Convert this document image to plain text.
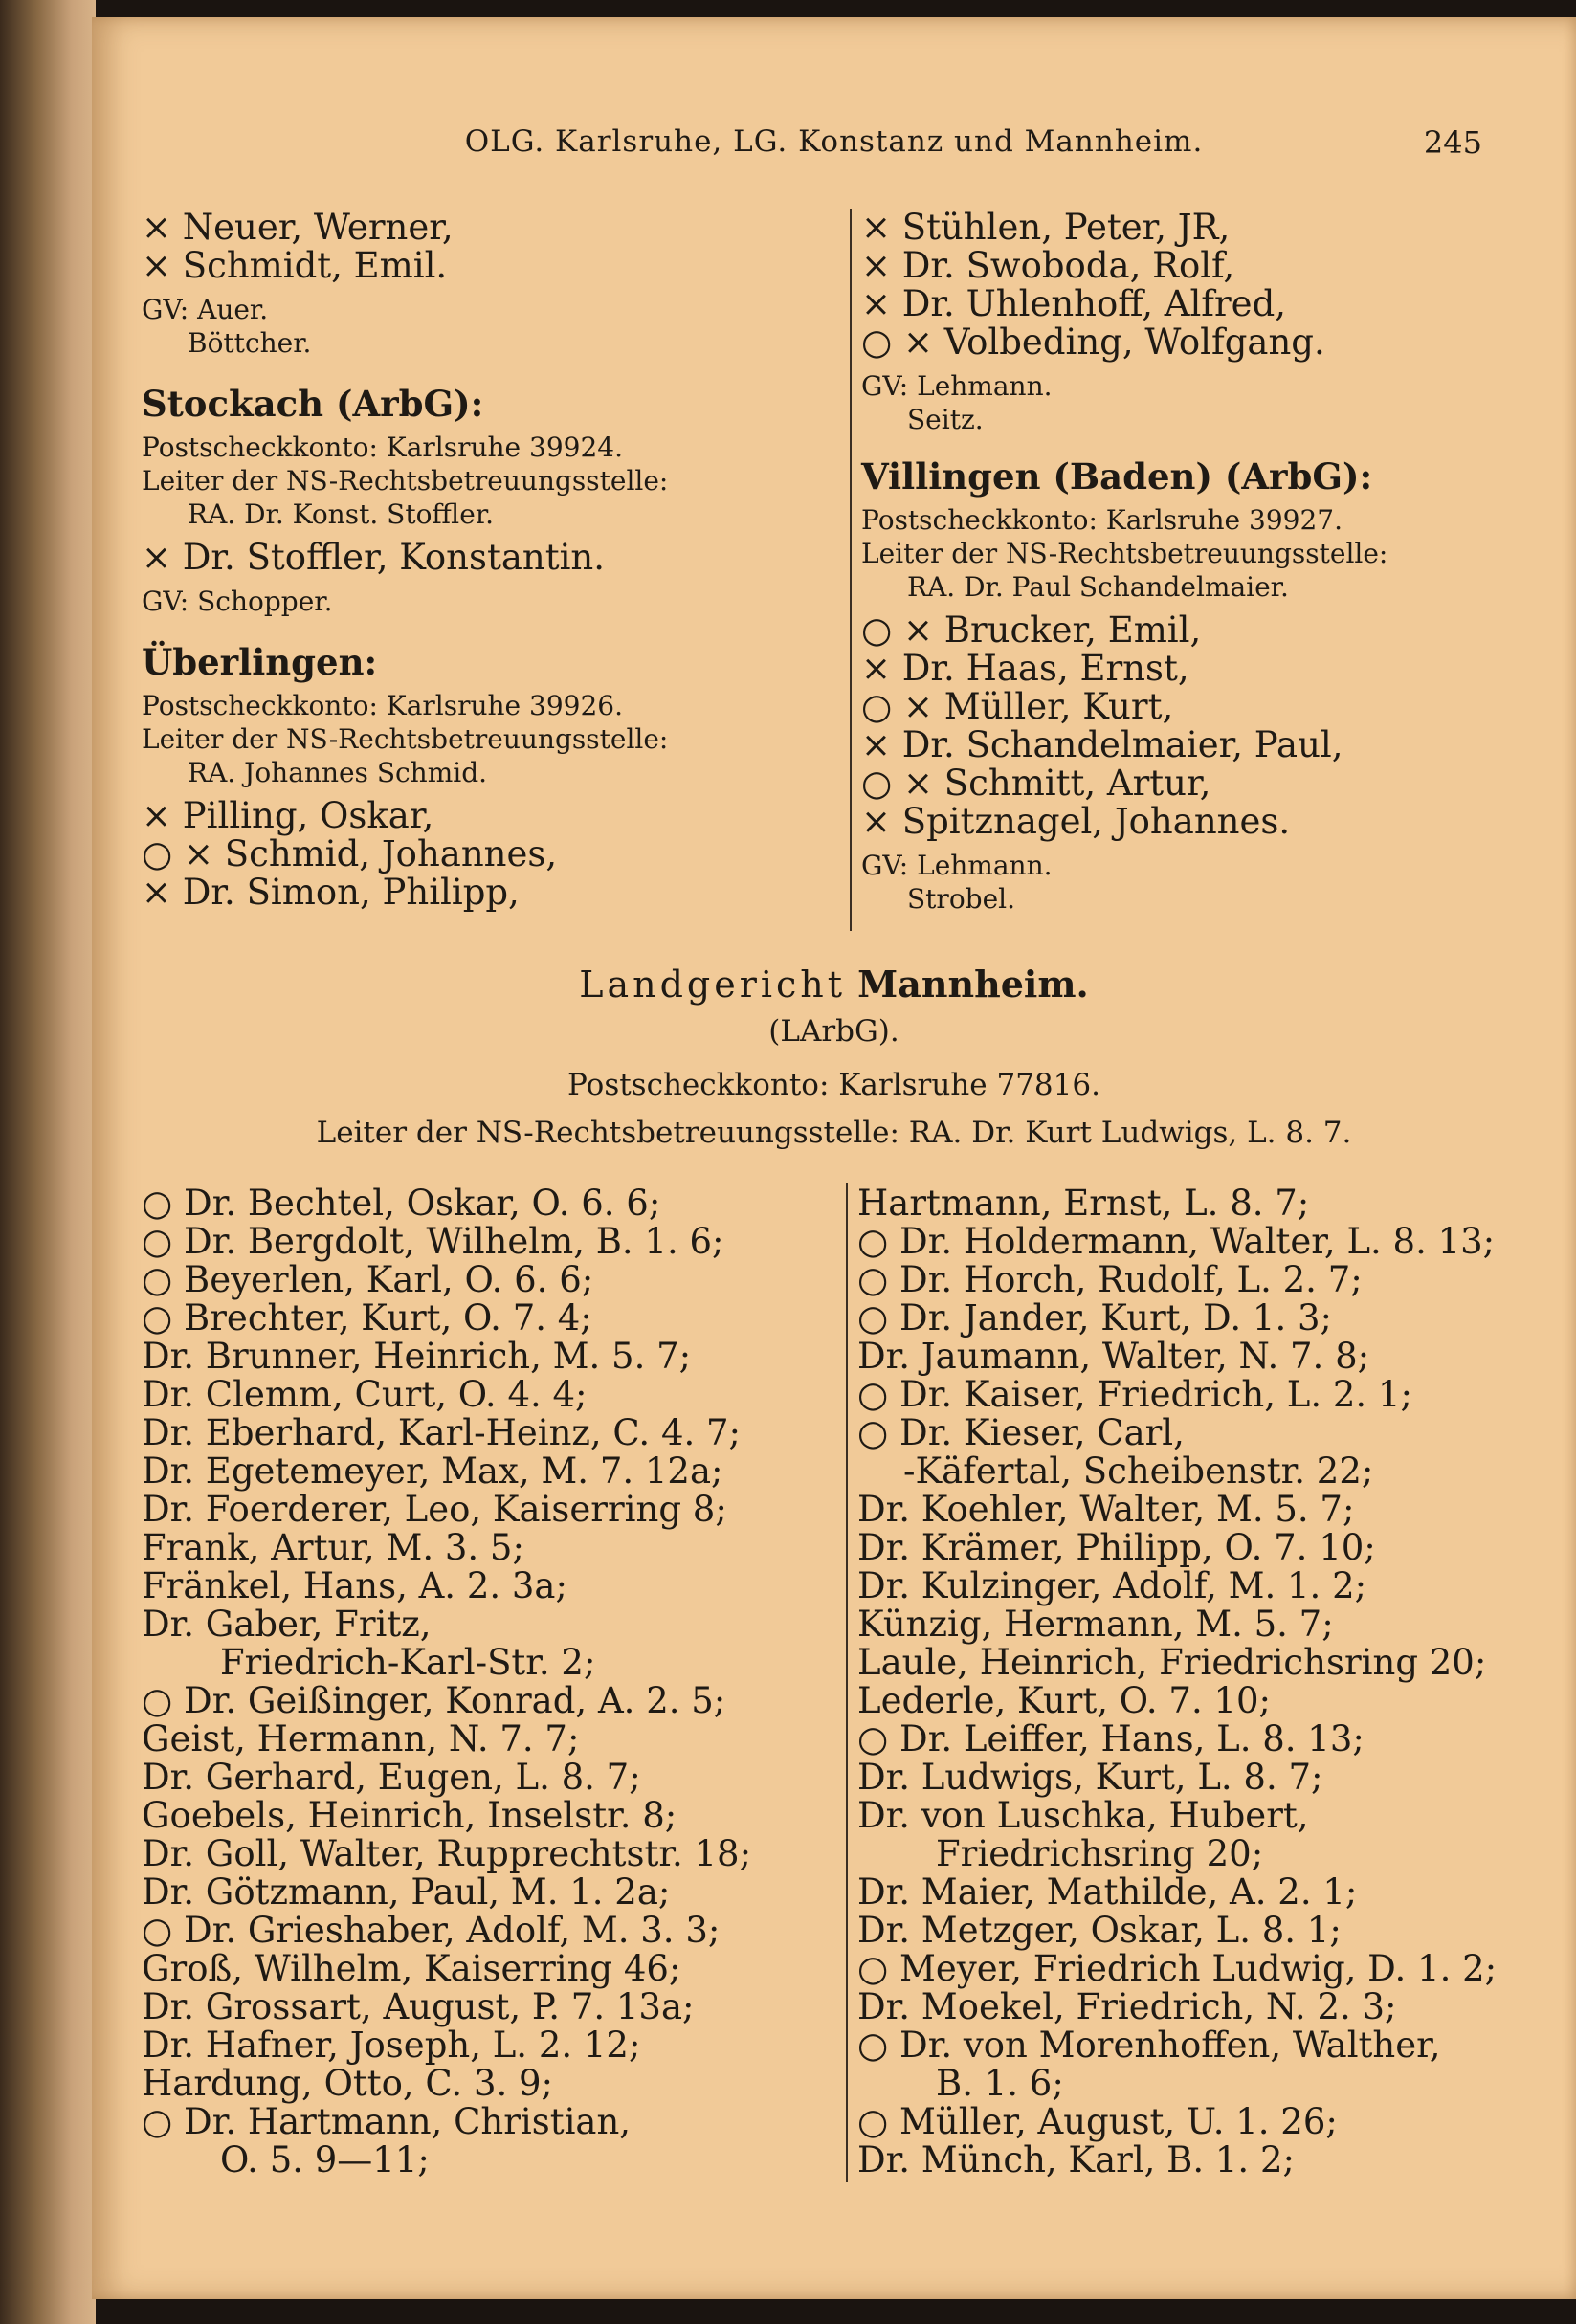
OLG. Karlsruhe, LG. Konstanz und Mannheim.	245

× Neuer, Werner,

× Schmidt, Emil.

GV: Auer.

Böttcher.

Stockach (ArbG):

Postscheckkonto: Karlsruhe 39924.

Leiter der NS-Rechtsbetreuungsstelle:

RA. Dr. Konst. Stoffler.

× Dr. Stoffler, Konstantin.

GV: Schopper.

Überlingen:

Postscheckkonto: Karlsruhe 39926.

Leiter der NS-Rechtsbetreuungsstelle:

RA. Johannes Schmid.

× Pilling, Oskar,

○ × Schmid, Johannes,

× Dr. Simon, Philipp,

× Stühlen, Peter, JR,

× Dr. Swoboda, Rolf,

× Dr. Uhlenhoff, Alfred,

○ × Volbeding, Wolfgang.

GV: Lehmann.

Seitz.

Villingen (Baden) (ArbG):

Postscheckkonto: Karlsruhe 39927.

Leiter der NS-Rechtsbetreuungsstelle:

RA. Dr. Paul Schandelmaier.

○ × Brucker, Emil,

× Dr. Haas, Ernst,

○ × Müller, Kurt,

× Dr. Schandelmaier, Paul,

○ × Schmitt, Artur,

× Spitznagel, Johannes.

GV: Lehmann.

Strobel.

Landgericht Mannheim.
(LArbG).
Postscheckkonto: Karlsruhe 77816.
Leiter der NS-Rechtsbetreuungsstelle: RA. Dr. Kurt Ludwigs, L. 8. 7.

○ Dr. Bechtel, Oskar, O. 6. 6;

○ Dr. Bergdolt, Wilhelm, B. 1. 6;

○ Beyerlen, Karl, O. 6. 6;

○ Brechter, Kurt, O. 7. 4;

Dr. Brunner, Heinrich, M. 5. 7;

Dr. Clemm, Curt, O. 4. 4;

Dr. Eberhard, Karl-Heinz, C. 4. 7;

Dr. Egetemeyer, Max, M. 7. 12a;

Dr. Foerderer, Leo, Kaiserring 8;

Frank, Artur, M. 3. 5;

Fränkel, Hans, A. 2. 3a;

Dr. Gaber, Fritz,

Friedrich-Karl-Str. 2;

○ Dr. Geißinger, Konrad, A. 2. 5;

Geist, Hermann, N. 7. 7;

Dr. Gerhard, Eugen, L. 8. 7;

Goebels, Heinrich, Inselstr. 8;

Dr. Goll, Walter, Rupprechtstr. 18;

Dr. Götzmann, Paul, M. 1. 2a;

○ Dr. Grieshaber, Adolf, M. 3. 3;

Groß, Wilhelm, Kaiserring 46;

Dr. Grossart, August, P. 7. 13a;

Dr. Hafner, Joseph, L. 2. 12;

Hardung, Otto, C. 3. 9;

○ Dr. Hartmann, Christian,

O. 5. 9—11;

Hartmann, Ernst, L. 8. 7;

○ Dr. Holdermann, Walter, L. 8. 13;

○ Dr. Horch, Rudolf, L. 2. 7;

○ Dr. Jander, Kurt, D. 1. 3;

Dr. Jaumann, Walter, N. 7. 8;

○ Dr. Kaiser, Friedrich, L. 2. 1;

○ Dr. Kieser, Carl,

-Käfertal, Scheibenstr. 22;

Dr. Koehler, Walter, M. 5. 7;

Dr. Krämer, Philipp, O. 7. 10;

Dr. Kulzinger, Adolf, M. 1. 2;

Künzig, Hermann, M. 5. 7;

Laule, Heinrich, Friedrichsring 20;

Lederle, Kurt, O. 7. 10;

○ Dr. Leiffer, Hans, L. 8. 13;

Dr. Ludwigs, Kurt, L. 8. 7;

Dr. von Luschka, Hubert,

Friedrichsring 20;

Dr. Maier, Mathilde, A. 2. 1;

Dr. Metzger, Oskar, L. 8. 1;

○ Meyer, Friedrich Ludwig, D. 1. 2;

Dr. Moekel, Friedrich, N. 2. 3;

○ Dr. von Morenhoffen, Walther,

B. 1. 6;

○ Müller, August, U. 1. 26;

Dr. Münch, Karl, B. 1. 2;
